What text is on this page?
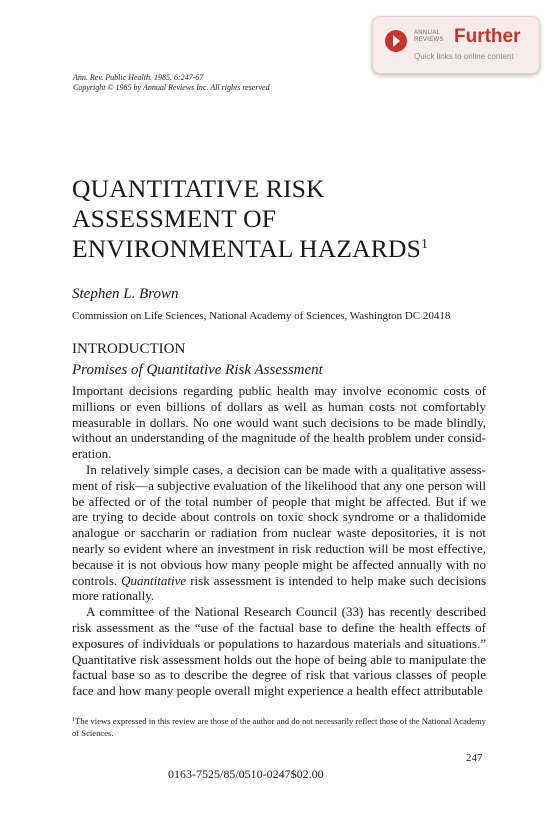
ANNUAL REVIEWS Further
Quick links to online content
Ann. Rev. Public Health. 1985. 6:247-67
Copyright © 1985 by Annual Reviews Inc. All rights reserved
QUANTITATIVE RISK
ASSESSMENT OF
ENVIRONMENTAL HAZARDS$^1$
Stephen L. Brown
Commission on Life Sciences, National Academy of Sciences, Washington DC 20418
INTRODUCTION
Promises of Quantitative Risk Assessment

Important decisions regarding public health may involve economic costs of millions or even billions of dollars as well as human costs not comfortably measurable in dollars. No one would want such decisions to be made blindly, without an understanding of the magnitude of the health problem under consideration.

In relatively simple cases, a decision can be made with a qualitative assessment of risk—a subjective evaluation of the likelihood that any one person will be affected or of the total number of people that might be affected. But if we are trying to decide about controls on toxic shock syndrome or a thalidomide analogue or saccharin or radiation from nuclear waste depositories, it is not nearly so evident where an investment in risk reduction will be most effective, because it is not obvious how many people might be affected annually with no controls. Quantitative risk assessment is intended to help make such decisions more rationally.

A committee of the National Research Council (33) has recently described risk assessment as the “use of the factual base to define the health effects of exposures of individuals or populations to hazardous materials and situations.” Quantitative risk assessment holds out the hope of being able to manipulate the factual base so as to describe the degree of risk that various classes of people face and how many people overall might experience a health effect attributable

$^1$The views expressed in this review are those of the author and do not necessarily reflect those of the National Academy of Sciences.
247
0163-7525/85/0510-0247$02.00
